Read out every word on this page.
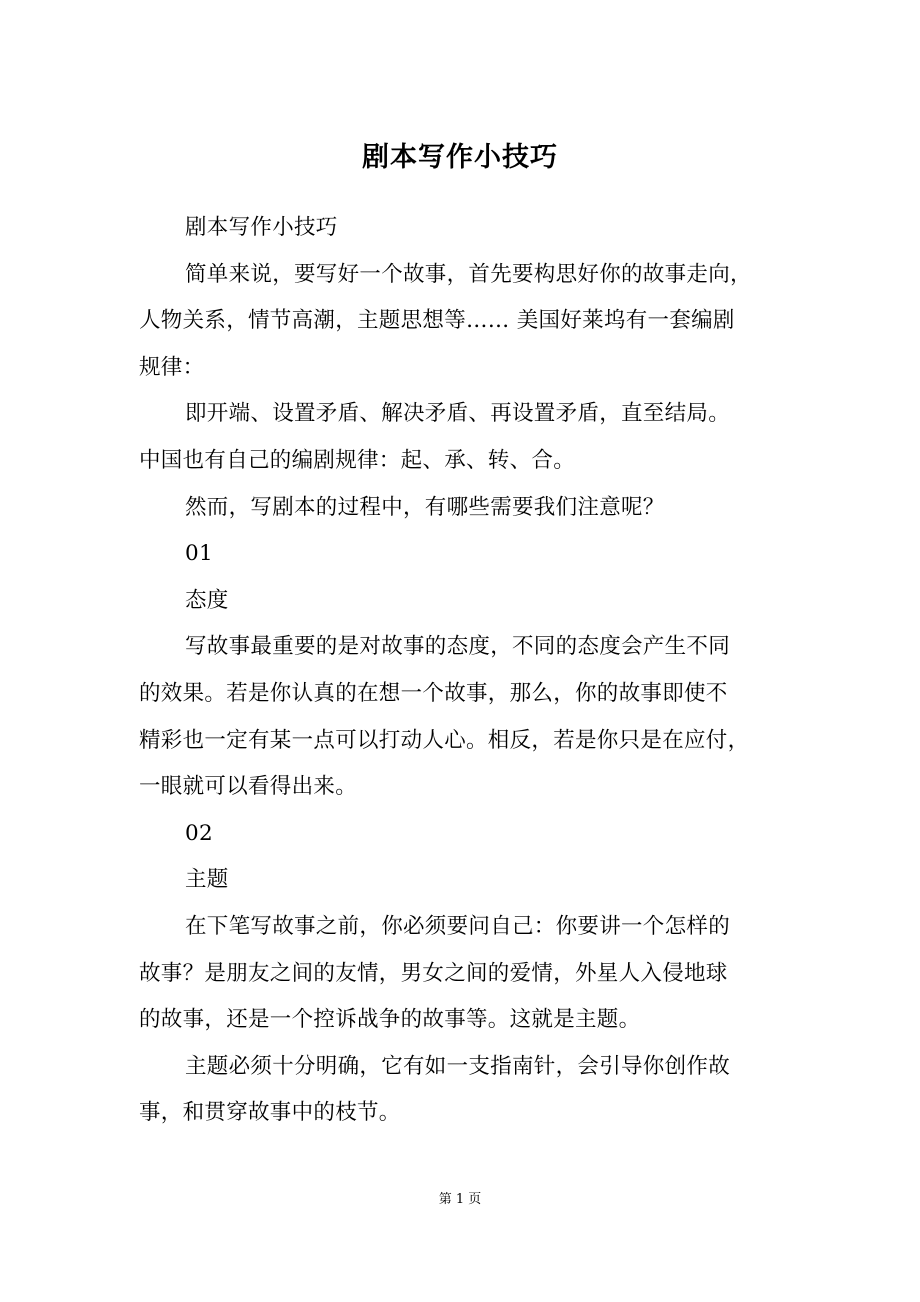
剧本写作小技巧
剧本写作小技巧
简单来说，要写好一个故事，首先要构思好你的故事走向，
人物关系，情节高潮，主题思想等…… 美国好莱坞有一套编剧
规律：
即开端、设置矛盾、解决矛盾、再设置矛盾，直至结局。
中国也有自己的编剧规律：起、承、转、合。
然而，写剧本的过程中，有哪些需要我们注意呢？
01
态度
写故事最重要的是对故事的态度，不同的态度会产生不同
的效果。若是你认真的在想一个故事，那么，你的故事即使不
精彩也一定有某一点可以打动人心。相反，若是你只是在应付，
一眼就可以看得出来。
02
主题
在下笔写故事之前，你必须要问自己：你要讲一个怎样的
故事？是朋友之间的友情，男女之间的爱情，外星人入侵地球
的故事，还是一个控诉战争的故事等。这就是主题。
主题必须十分明确，它有如一支指南针，会引导你创作故
事，和贯穿故事中的枝节。
第 1 页
